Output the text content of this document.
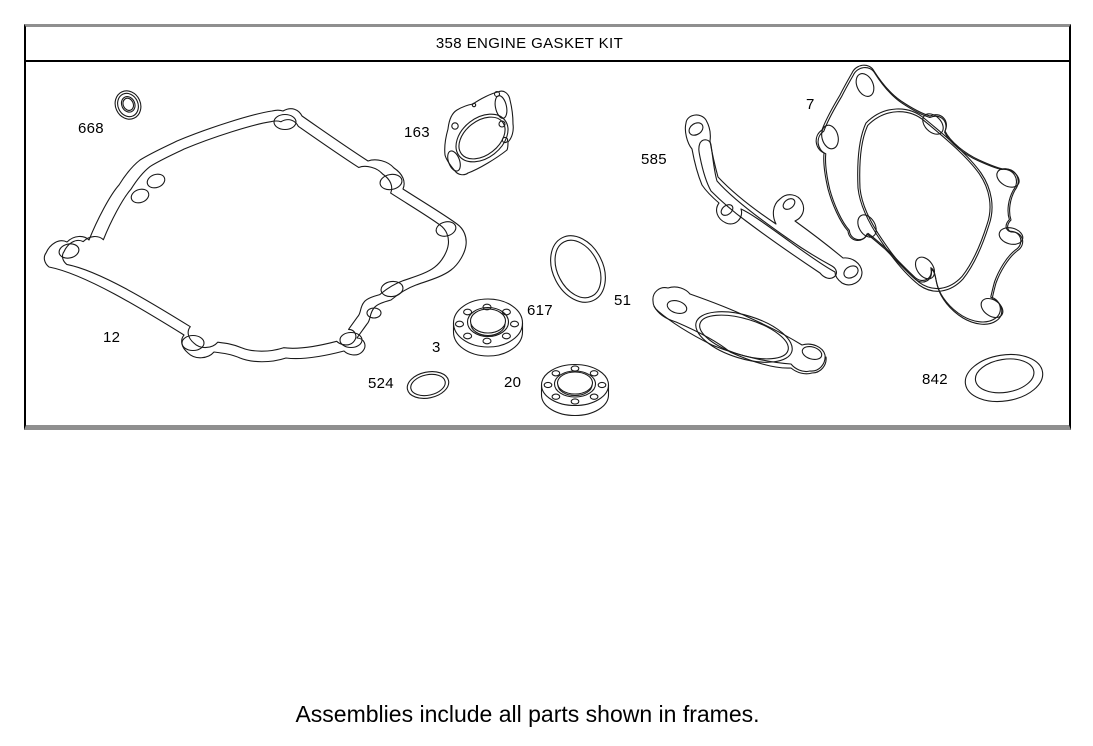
358 ENGINE GASKET KIT
668	163
7
585
12
617
51
3
524	20	842
Assemblies include all parts shown in frames.
